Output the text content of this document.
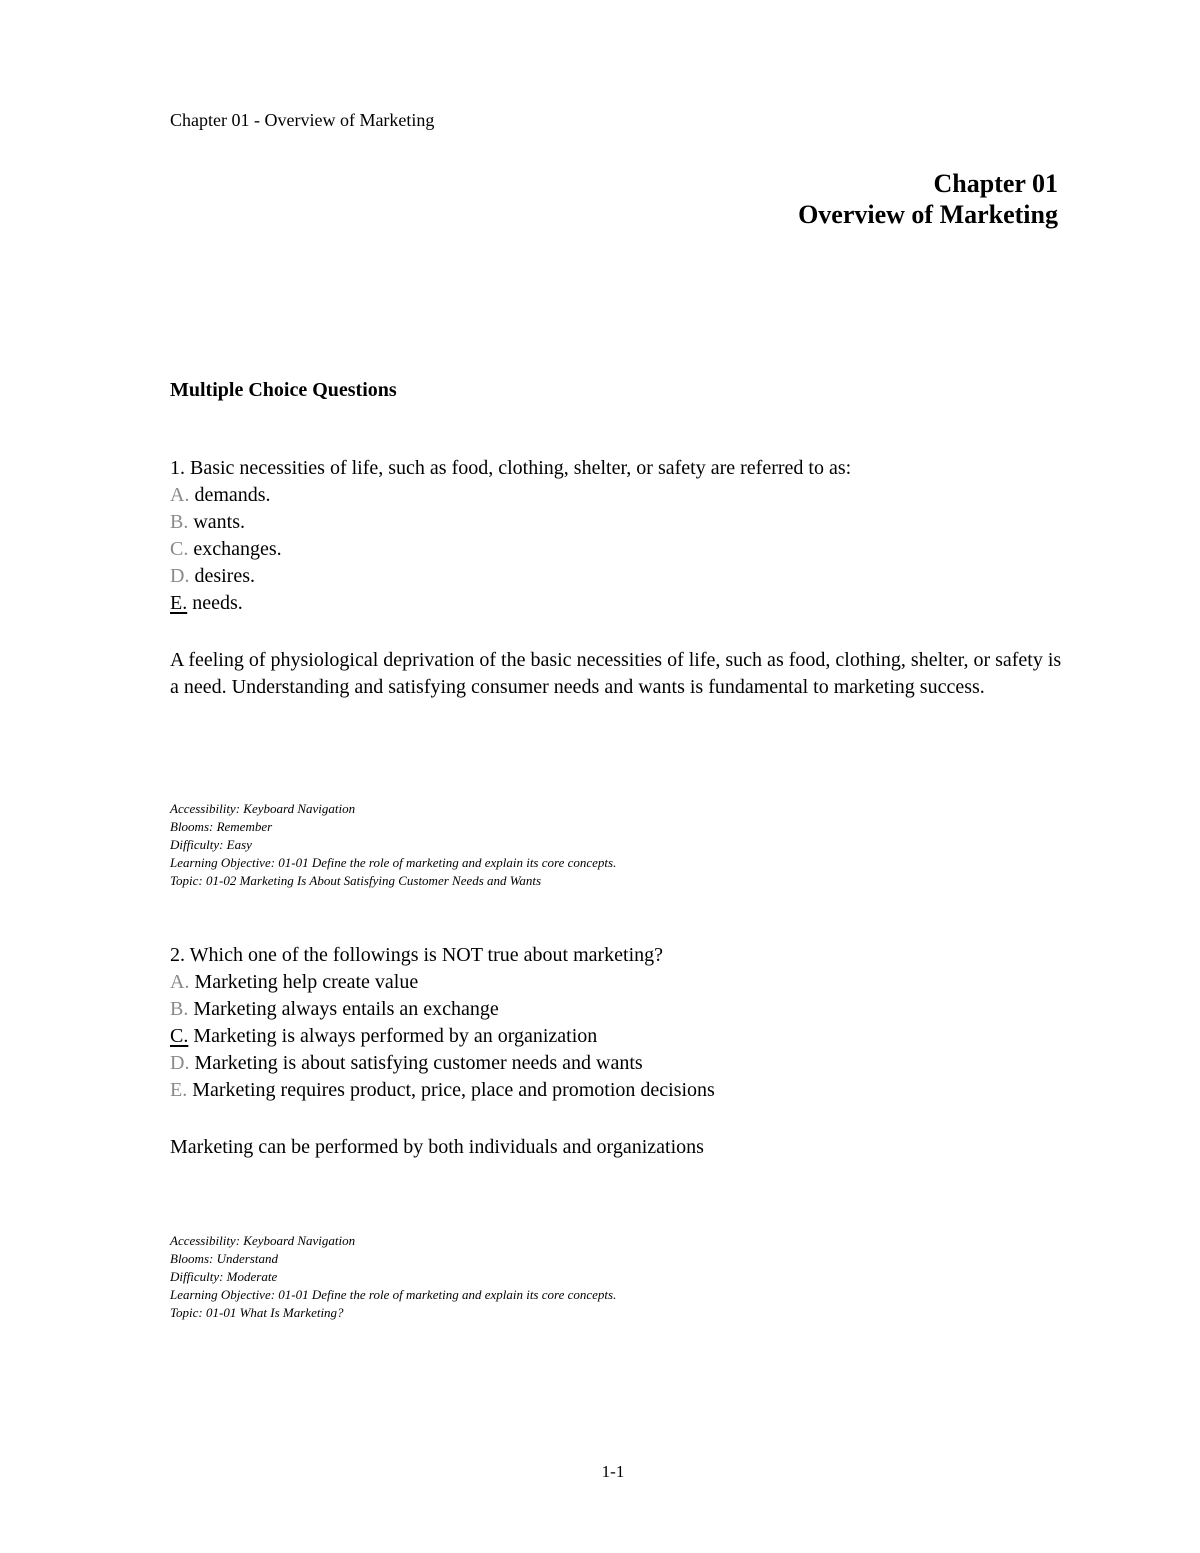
Chapter 01 - Overview of Marketing
Chapter 01
Overview of Marketing
Multiple Choice Questions
1. Basic necessities of life, such as food, clothing, shelter, or safety are referred to as:
A. demands.
B. wants.
C. exchanges.
D. desires.
E. needs.
A feeling of physiological deprivation of the basic necessities of life, such as food, clothing, shelter, or safety is a need. Understanding and satisfying consumer needs and wants is fundamental to marketing success.
Accessibility: Keyboard Navigation
Blooms: Remember
Difficulty: Easy
Learning Objective: 01-01 Define the role of marketing and explain its core concepts.
Topic: 01-02 Marketing Is About Satisfying Customer Needs and Wants
2. Which one of the followings is NOT true about marketing?
A. Marketing help create value
B. Marketing always entails an exchange
C. Marketing is always performed by an organization
D. Marketing is about satisfying customer needs and wants
E. Marketing requires product, price, place and promotion decisions
Marketing can be performed by both individuals and organizations
Accessibility: Keyboard Navigation
Blooms: Understand
Difficulty: Moderate
Learning Objective: 01-01 Define the role of marketing and explain its core concepts.
Topic: 01-01 What Is Marketing?
1-1
